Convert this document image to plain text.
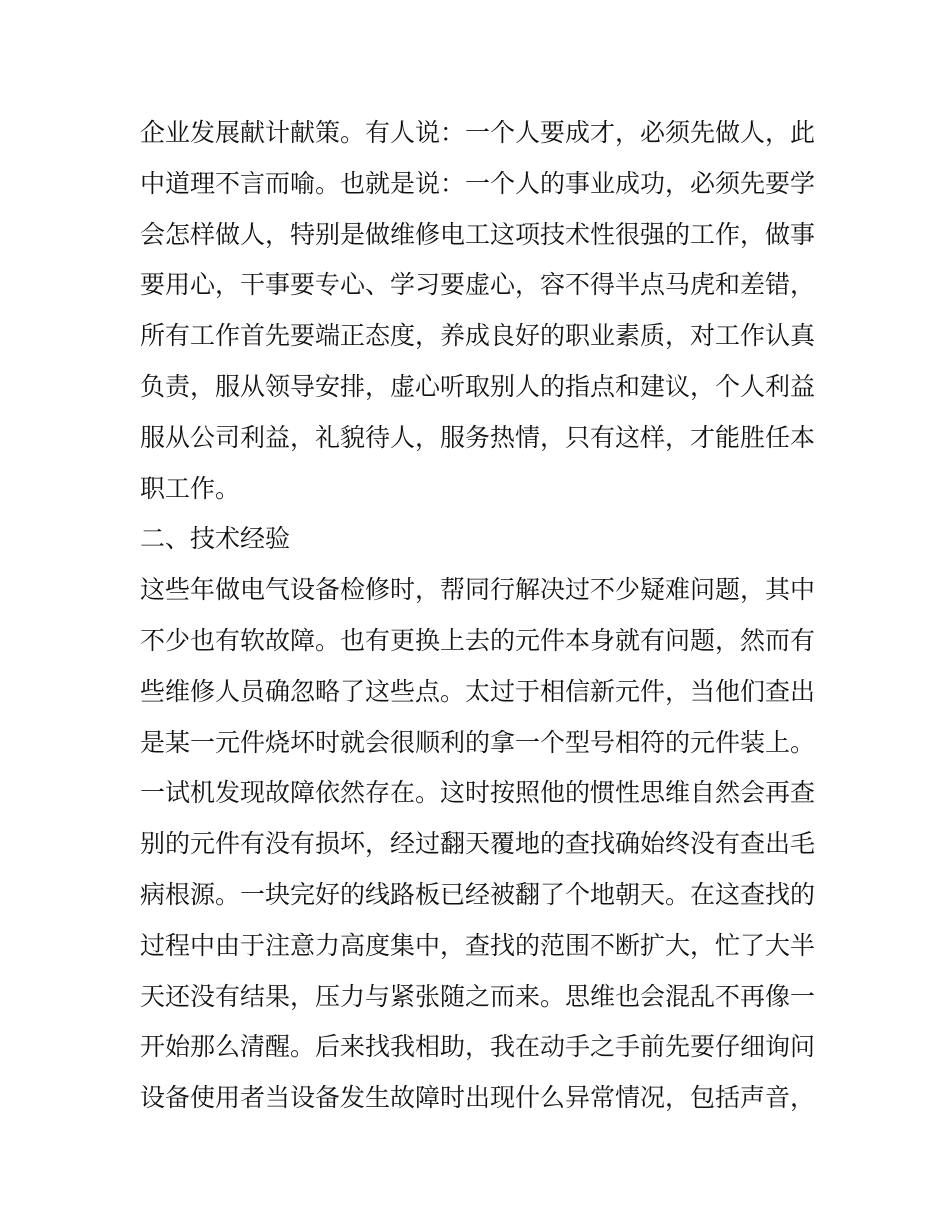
企业发展献计献策。有人说：一个人要成才，必须先做人，此
中道理不言而喻。也就是说：一个人的事业成功，必须先要学
会怎样做人，特别是做维修电工这项技术性很强的工作，做事
要用心，干事要专心、学习要虚心，容不得半点马虎和差错，
所有工作首先要端正态度，养成良好的职业素质，对工作认真
负责，服从领导安排，虚心听取别人的指点和建议，个人利益
服从公司利益，礼貌待人，服务热情，只有这样，才能胜任本
职工作。
二、技术经验
这些年做电气设备检修时，帮同行解决过不少疑难问题，其中
不少也有软故障。也有更换上去的元件本身就有问题，然而有
些维修人员确忽略了这些点。太过于相信新元件，当他们查出
是某一元件烧坏时就会很顺利的拿一个型号相符的元件装上。
一试机发现故障依然存在。这时按照他的惯性思维自然会再查
别的元件有没有损坏，经过翻天覆地的查找确始终没有查出毛
病根源。一块完好的线路板已经被翻了个地朝天。在这查找的
过程中由于注意力高度集中，查找的范围不断扩大，忙了大半
天还没有结果，压力与紧张随之而来。思维也会混乱不再像一
开始那么清醒。后来找我相助，我在动手之手前先要仔细询问
设备使用者当设备发生故障时出现什么异常情况，包括声音，
